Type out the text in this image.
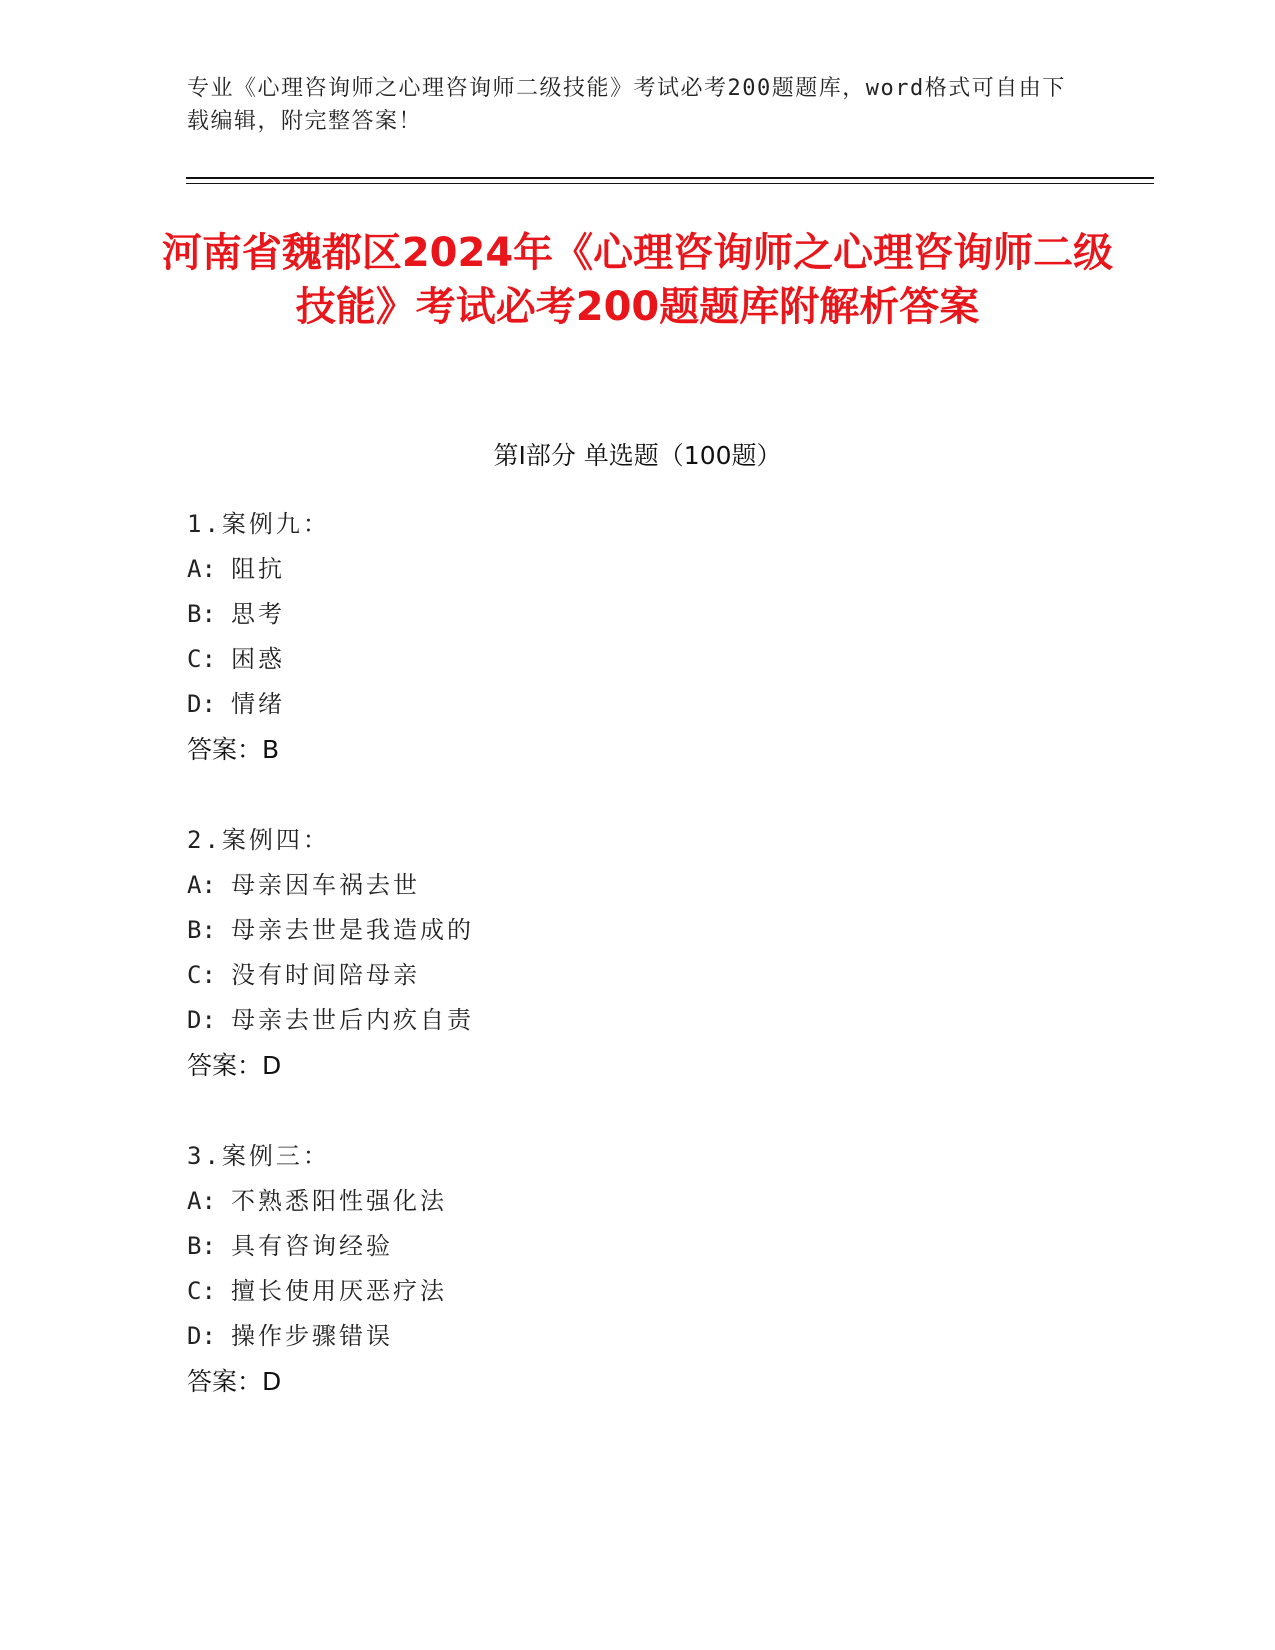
专业《心理咨询师之心理咨询师二级技能》考试必考200题题库，word格式可自由下载编辑，附完整答案！
河南省魏都区2024年《心理咨询师之心理咨询师二级技能》考试必考200题题库附解析答案
第I部分 单选题（100题）
1.案例九：
A: 阻抗
B: 思考
C: 困惑
D: 情绪
答案：B
2.案例四：
A: 母亲因车祸去世
B: 母亲去世是我造成的
C: 没有时间陪母亲
D: 母亲去世后内疚自责
答案：D
3.案例三：
A: 不熟悉阳性强化法
B: 具有咨询经验
C: 擅长使用厌恶疗法
D: 操作步骤错误
答案：D
